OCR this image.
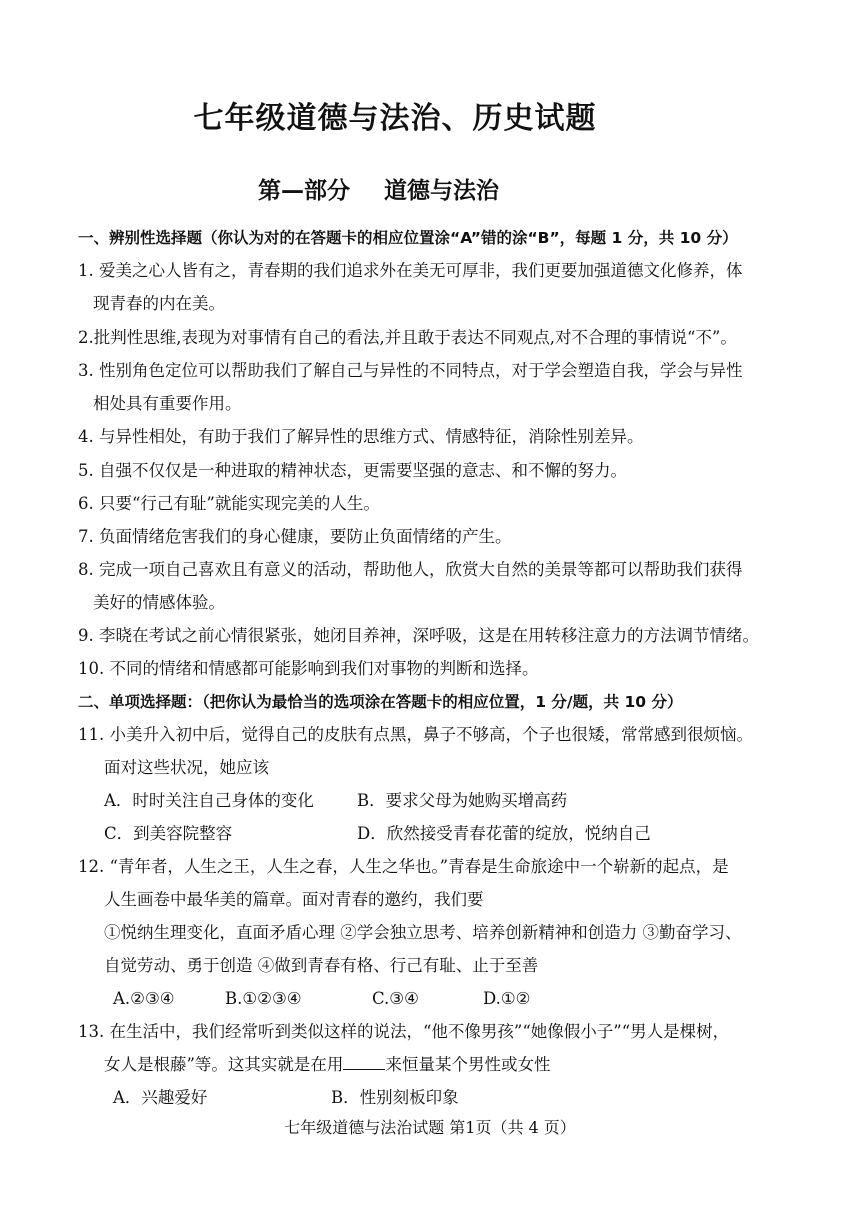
七年级道德与法治、历史试题
第—部分 道德与法治
一、辨别性选择题（你认为对的在答题卡的相应位置涂“A”错的涂“B”，每题 1 分，共 10 分）
1. 爱美之心人皆有之，青春期的我们追求外在美无可厚非，我们更要加强道德文化修养，体
现青春的内在美。
2.批判性思维,表现为对事情有自己的看法,并且敢于表达不同观点,对不合理的事情说“不”。
3. 性别角色定位可以帮助我们了解自己与异性的不同特点，对于学会塑造自我，学会与异性
相处具有重要作用。
4. 与异性相处，有助于我们了解异性的思维方式、情感特征，消除性别差异。
5. 自强不仅仅是一种进取的精神状态，更需要坚强的意志、和不懈的努力。
6. 只要“行己有耻”就能实现完美的人生。
7. 负面情绪危害我们的身心健康，要防止负面情绪的产生。
8. 完成一项自己喜欢且有意义的活动，帮助他人，欣赏大自然的美景等都可以帮助我们获得
美好的情感体验。
9. 李晓在考试之前心情很紧张，她闭目养神，深呼吸，这是在用转移注意力的方法调节情绪。
10. 不同的情绪和情感都可能影响到我们对事物的判断和选择。
二、单项选择题：（把你认为最恰当的选项涂在答题卡的相应位置，1 分/题，共 10 分）
11. 小美升入初中后，觉得自己的皮肤有点黑，鼻子不够高，个子也很矮，常常感到很烦恼。
面对这些状况，她应该
A．时时关注自己身体的变化	B．要求父母为她购买增高药
C．到美容院整容	D．欣然接受青春花蕾的绽放，悦纳自己
12. “青年者，人生之王，人生之春，人生之华也。”青春是生命旅途中一个崭新的起点，是
人生画卷中最华美的篇章。面对青春的邀约，我们要
①悦纳生理变化，直面矛盾心理 ②学会独立思考、培养创新精神和创造力 ③勤奋学习、
自觉劳动、勇于创造 ④做到青春有格、行己有耻、止于至善
A.②③④	B.①②③④	C.③④	D.①②
13. 在生活中，我们经常听到类似这样的说法，“他不像男孩”“她像假小子”“男人是棵树，
女人是根藤”等。这其实就是在用	来恒量某个男性或女性
A．兴趣爱好	B．性别刻板印象
七年级道德与法治试题 第1页（共 4 页）
